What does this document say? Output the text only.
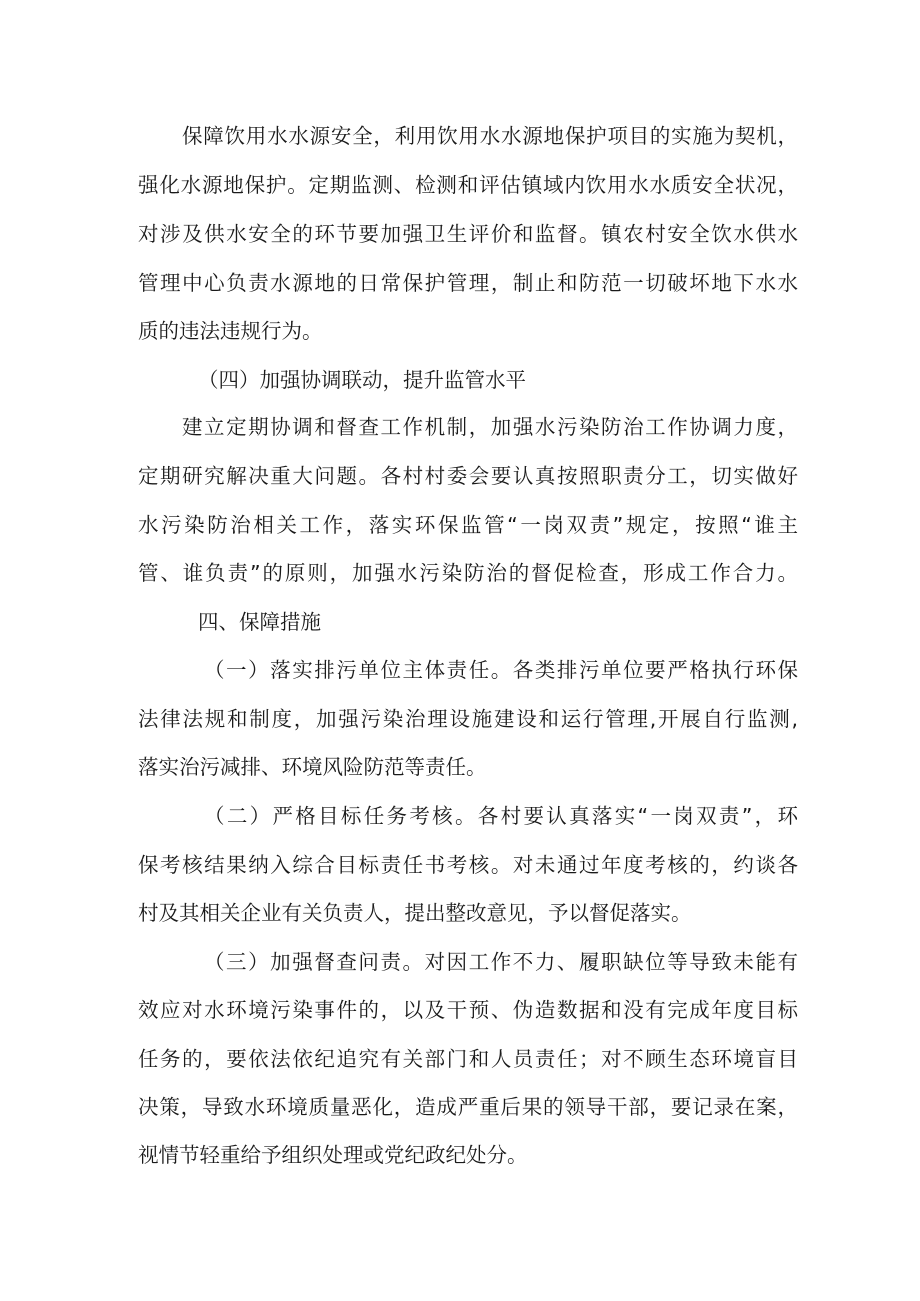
保障饮用水水源安全，利用饮用水水源地保护项目的实施为契机，
强化水源地保护。定期监测、检测和评估镇域内饮用水水质安全状况，
对涉及供水安全的环节要加强卫生评价和监督。镇农村安全饮水供水
管理中心负责水源地的日常保护管理，制止和防范一切破坏地下水水
质的违法违规行为。
（四）加强协调联动，提升监管水平
建立定期协调和督查工作机制，加强水污染防治工作协调力度，
定期研究解决重大问题。各村村委会要认真按照职责分工，切实做好
水污染防治相关工作，落实环保监管“一岗双责”规定，按照“谁主
管、谁负责”的原则，加强水污染防治的督促检查，形成工作合力。
四、保障措施
（一）落实排污单位主体责任。各类排污单位要严格执行环保
法律法规和制度，加强污染治理设施建设和运行管理,开展自行监测,
落实治污减排、环境风险防范等责任。
（二）严格目标任务考核。各村要认真落实“一岗双责”，环
保考核结果纳入综合目标责任书考核。对未通过年度考核的，约谈各
村及其相关企业有关负责人，提出整改意见，予以督促落实。
（三）加强督查问责。对因工作不力、履职缺位等导致未能有
效应对水环境污染事件的，以及干预、伪造数据和没有完成年度目标
任务的，要依法依纪追究有关部门和人员责任；对不顾生态环境盲目
决策，导致水环境质量恶化，造成严重后果的领导干部，要记录在案，
视情节轻重给予组织处理或党纪政纪处分。
